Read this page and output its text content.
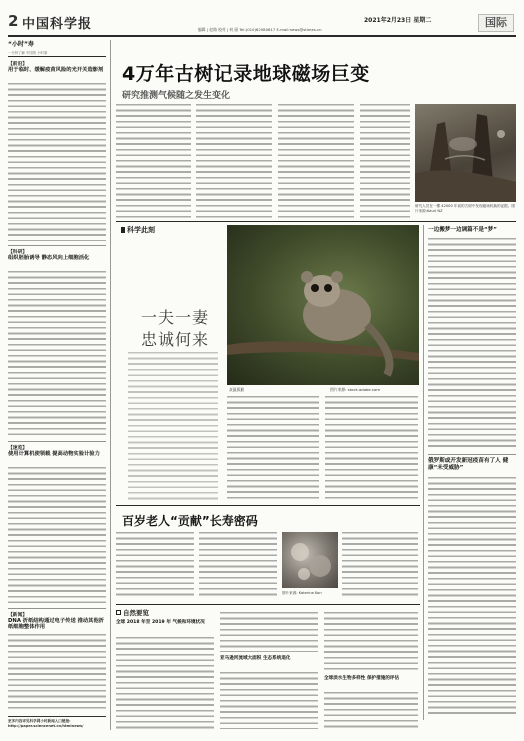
2 中国科学报	2021年2月23日 星期二
编辑 | 赵路 校对 | 何 丽 Tel:(010)62580617 E-mail:news@stimes.cn
国际
“小时”寿
一分钟了解 中国的 小时事
【前沿】
用于临时、缓解疫苗风险的光开关造影剂
【科研】
组织胚胎诱导 静态风向上细胞活化
【速览】
使用计算机使领载 提高动物实验计验力
【新闻】
DNA 折纸结构通过电子传送 推动其他折纸细胞整体作用
更多内容详见科学网小时新闻入口链接: http://paper.sciencenet.cn/htmlnews/
4万年古树记录地球磁场巨变
研究推测气候随之发生变化
研究人员在一棵 42000 年前的古树中发现磁场转换的证据。图片来源:Kauri NZ
科学此刻
一夫一妻
忠诚何来
灰鼠狐猴	图片来源: stock.adobe.com
一边搬梦一边调篇不是“梦”
俄罗斯或开发新冠疫苗有了人 健康“未受威胁”
百岁老人“贡献”长寿密码
图片来源: Katerina Kon
自然要览
全球 2018 年至 2019 年 气候和环境状况
亚马逊河流域大面积 生态系统退化
全球淡水生物多样性 保护措施的评估
